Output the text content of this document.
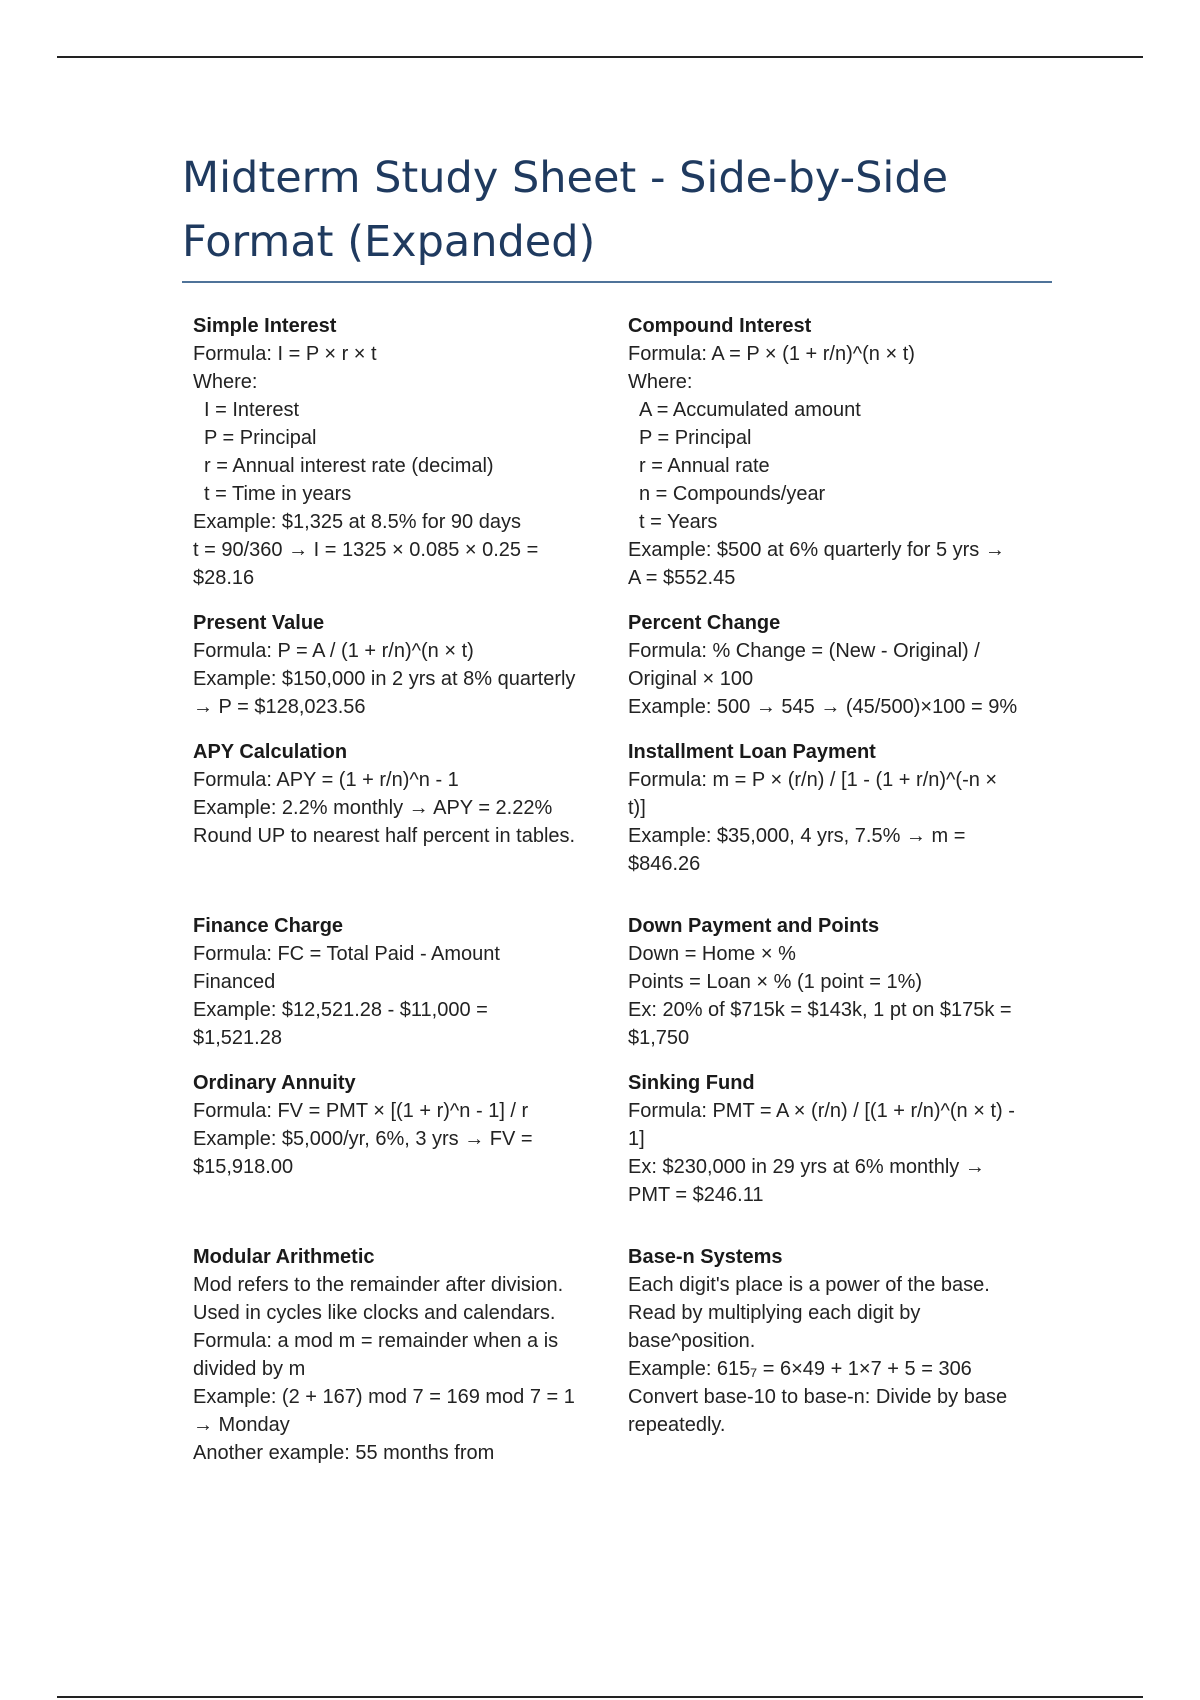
Midterm Study Sheet - Side-by-Side
Format (Expanded)
Simple Interest
Formula: I = P × r × t
Where:
I = Interest
P = Principal
r = Annual interest rate (decimal)
t = Time in years
Example: $1,325 at 8.5% for 90 days
t = 90/360 → I = 1325 × 0.085 × 0.25 =
$28.16
Compound Interest
Formula: A = P × (1 + r/n)^(n × t)
Where:
A = Accumulated amount
P = Principal
r = Annual rate
n = Compounds/year
t = Years
Example: $500 at 6% quarterly for 5 yrs →
A = $552.45
Present Value
Formula: P = A / (1 + r/n)^(n × t)
Example: $150,000 in 2 yrs at 8% quarterly
→ P = $128,023.56
Percent Change
Formula: % Change = (New - Original) /
Original × 100
Example: 500 → 545 → (45/500)×100 = 9%
APY Calculation
Formula: APY = (1 + r/n)^n - 1
Example: 2.2% monthly → APY = 2.22%
Round UP to nearest half percent in tables.
Installment Loan Payment
Formula: m = P × (r/n) / [1 - (1 + r/n)^(-n ×
t)]
Example: $35,000, 4 yrs, 7.5% → m =
$846.26
Finance Charge
Formula: FC = Total Paid - Amount
Financed
Example: $12,521.28 - $11,000 =
$1,521.28
Down Payment and Points
Down = Home × %
Points = Loan × % (1 point = 1%)
Ex: 20% of $715k = $143k, 1 pt on $175k =
$1,750
Ordinary Annuity
Formula: FV = PMT × [(1 + r)^n - 1] / r
Example: $5,000/yr, 6%, 3 yrs → FV =
$15,918.00
Sinking Fund
Formula: PMT = A × (r/n) / [(1 + r/n)^(n × t) -
1]
Ex: $230,000 in 29 yrs at 6% monthly →
PMT = $246.11
Modular Arithmetic
Mod refers to the remainder after division.
Used in cycles like clocks and calendars.
Formula: a mod m = remainder when a is
divided by m
Example: (2 + 167) mod 7 = 169 mod 7 = 1
→ Monday
Another example: 55 months from
Base-n Systems
Each digit's place is a power of the base.
Read by multiplying each digit by
base^position.
Example: 615₇ = 6×49 + 1×7 + 5 = 306
Convert base-10 to base-n: Divide by base
repeatedly.
